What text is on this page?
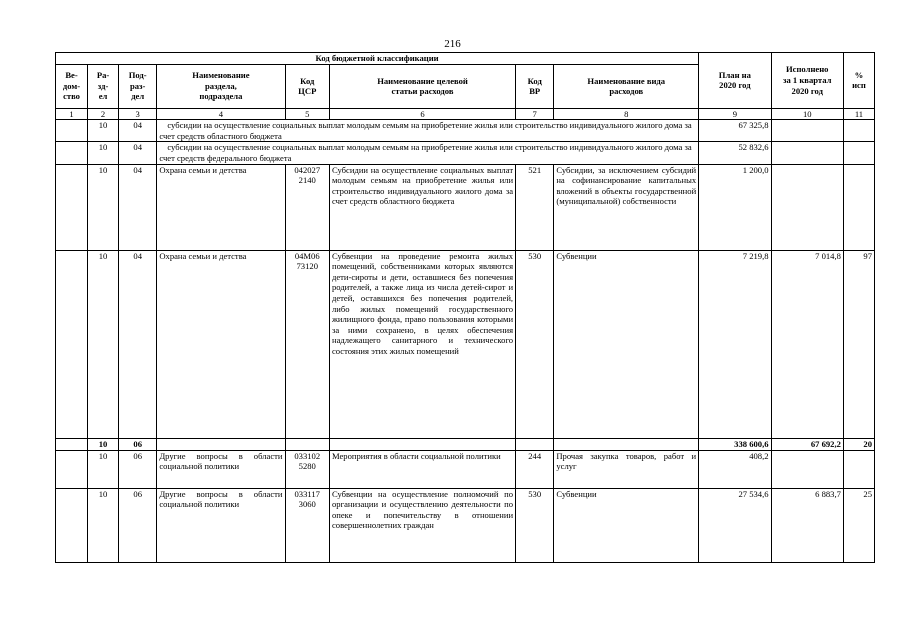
216
Код бюджетной классификации								План на
2020 год	Исполнено
за 1 квартал
2020 год	%
исп
Ве-
дом-
ство	Ра-
зд-
ел	Под-
раз-
дел	Наименование
раздела,
подраздела	Код
ЦСР	Наименование целевой
статьи расходов	Код
ВР	Наименование вида
расходов			
1	2	3	4	5	6	7	8	9	10	11
	10	04	субсидии на осуществление социальных выплат молодым семьям на приобретение жилья или строительство индивидуального жилого дома за счет средств областного бюджета					67 325,8		
	10	04	субсидии на осуществление социальных выплат молодым семьям на приобретение жилья или строительство индивидуального жилого дома за счет средств федерального бюджета					52 832,6		
	10	04	Охрана семьи и детства	042027
2140	Субсидии на осуществление социальных выплат молодым семьям на приобретение жилья или строительство индивидуального жилого дома за счет средств областного бюджета	521	Субсидии, за исключением субсидий на софинансирование капитальных вложений в объекты государственной (муниципальной) собственности	1 200,0		
	10	04	Охрана семьи и детства	04М06
73120	Субвенции на проведение ремонта жилых помещений, собственниками которых являются дети-сироты и дети, оставшиеся без попечения родителей, а также лица из числа детей-сирот и детей, оставшихся без попечения родителей, либо жилых помещений государственного жилищного фонда, право пользования которыми за ними сохранено, в целях обеспечения надлежащего санитарного и технического состояния этих жилых помещений	530	Субвенции	7 219,8	7 014,8	97
	10	06						338 600,6	67 692,2	20
	10	06	Другие вопросы в области социальной политики	033102
5280	Мероприятия в области социальной политики	244	Прочая закупка товаров, работ и услуг	408,2		
	10	06	Другие вопросы в области социальной политики	033117
3060	Субвенции на осуществление полномочий по организации и осуществлению деятельности по опеке и попечительству в отношении совершеннолетних граждан	530	Субвенции	27 534,6	6 883,7	25
